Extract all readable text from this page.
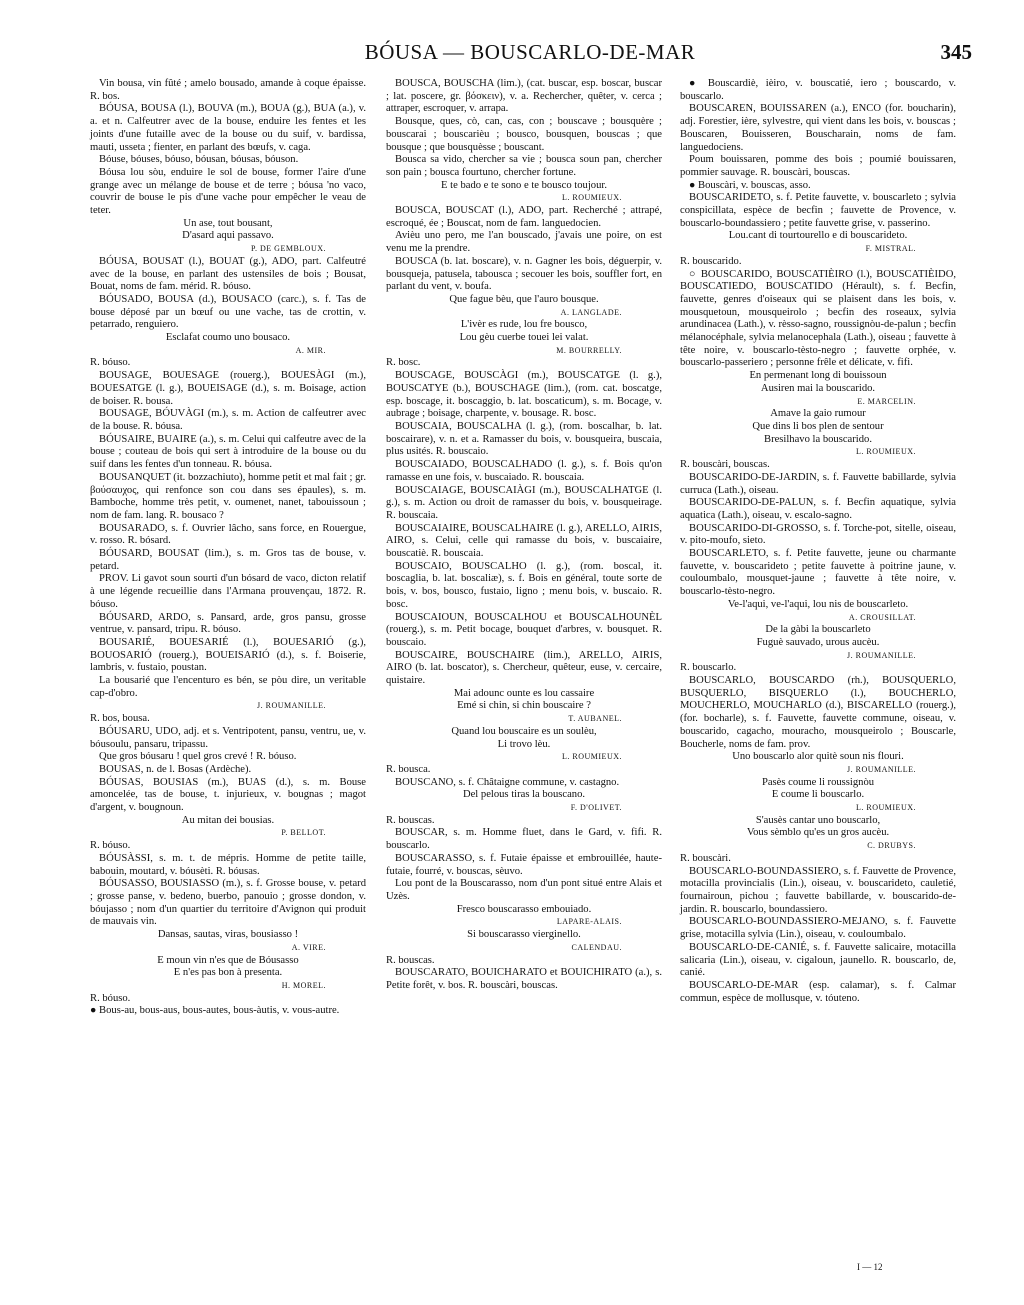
BÓUSA — BOUSCARLO-DE-MAR	345

Vin bousa, vin fûté ; amelo bousado, amande à coque épaisse. R. bos.

BÓUSA, BOUSA (l.), BOUVA (m.), BOUA (g.), BUA (a.), v. a. et n. Calfeutrer avec de la bouse, enduire les fentes et les joints d'une futaille avec de la bouse ou du suif, v. bardissa, mauti, usseta ; fienter, en parlant des bœufs, v. caga.

Bóuse, bóuses, bóuso, bóusan, bóusas, bóuson.

Bóusa lou sòu, enduire le sol de bouse, former l'aire d'une grange avec un mélange de bouse et de terre ; bóusa 'no vaco, couvrir de bouse le pis d'une vache pour empêcher le veau de teter.

Un ase, tout bousant,

D'asard aqui passavo.

P. DE GEMBLOUX.

BÓUSA, BOUSAT (l.), BOUAT (g.), ADO, part. Calfeutré avec de la bouse, en parlant des ustensiles de bois ; Bousat, Bouat, noms de fam. mérid. R. bóuso.

BÓUSADO, BOUSA (d.), BOUSACO (carc.), s. f. Tas de bouse déposé par un bœuf ou une vache, tas de crottin, v. petarrado, renguiero.

Esclafat coumo uno bousaco.

A. MIR.

R. bóuso.

BOUSAGE, BOUESAGE (rouerg.), BOUESÀGI (m.), BOUESATGE (l. g.), BOUEISAGE (d.), s. m. Boisage, action de boiser. R. bousa.

BOUSAGE, BÓUVÀGI (m.), s. m. Action de calfeutrer avec de la bouse. R. bóusa.

BÓUSAIRE, BUAIRE (a.), s. m. Celui qui calfeutre avec de la bouse ; couteau de bois qui sert à introduire de la bouse ou du suif dans les fentes d'un tonneau. R. bóusa.

BOUSANQUET (it. bozzachiuto), homme petit et mal fait ; gr. βούσαυχος, qui renfonce son cou dans ses épaules), s. m. Bamboche, homme très petit, v. oumenet, nanet, tabouissoun ; nom de fam. lang. R. bousaco ?

BOUSARADO, s. f. Ouvrier lâcho, sans force, en Rouergue, v. rosso. R. bósard.

BÓUSARD, BOUSAT (lim.), s. m. Gros tas de bouse, v. petard.

PROV. Li gavot soun sourti d'un bósard de vaco, dicton relatif à une légende recueillie dans l'Armana prouvençau, 1872. R. bóuso.

BÓUSARD, ARDO, s. Pansard, arde, gros pansu, grosse ventrue, v. pansard, tripu. R. bóuso.

BOUSARIÉ, BOUESARIÉ (l.), BOUESARIÓ (g.), BOUOSARIÓ (rouerg.), BOUEISARIÓ (d.), s. f. Boiserie, lambris, v. fustaio, poustan.

La bousarié que l'encenturo es bén, se pòu dire, un veritable cap-d'obro.

J. ROUMANILLE.

R. bos, bousa.

BÓUSARU, UDO, adj. et s. Ventripotent, pansu, ventru, ue, v. bóusoulu, pansaru, tripassu.

Que gros bóusaru ! quel gros crevé ! R. bóuso.

BOUSAS, n. de l. Bosas (Ardèche).

BÓUSAS, BOUSIAS (m.), BUAS (d.), s. m. Bouse amoncelée, tas de bouse, t. injurieux, v. bougnas ; magot d'argent, v. bougnoun.

Au mitan dei bousias.

P. BELLOT.

R. bóuso.

BÓUSÀSSI, s. m. t. de mépris. Homme de petite taille, babouin, moutard, v. bóusèti. R. bóusas.

BÓUSASSO, BOUSIASSO (m.), s. f. Grosse bouse, v. petard ; grosse panse, v. bedeno, buerbo, panouio ; grosse dondon, v. bóujasso ; nom d'un quartier du territoire d'Avignon qui produit de mauvais vin.

Dansas, sautas, viras, bousiasso !

A. VIRE.

E moun vin n'es que de Bóusasso

E n'es pas bon à presenta.

H. MOREL.

R. bóuso.

● Bous-au, bous-aus, bous-autes, bous-àutis, v. vous-autre.

BOUSCA, BOUSCHA (lim.), (cat. buscar, esp. boscar, buscar ; lat. poscere, gr. βόσκειν), v. a. Rechercher, quêter, v. cerca ; attraper, escroquer, v. arrapa.

Bousque, ques, cò, can, cas, con ; bouscave ; bousquère ; bouscarai ; bouscarièu ; bousco, bousquen, bouscas ; que bousque ; que bousquèsse ; bouscant.

Bousca sa vido, chercher sa vie ; bousca soun pan, chercher son pain ; bousca fourtuno, chercher fortune.

E te bado e te sono e te bousco toujour.

L. ROUMIEUX.

BOUSCA, BOUSCAT (l.), ADO, part. Recherché ; attrapé, escroqué, ée ; Bouscat, nom de fam. languedocien.

Avièu uno pero, me l'an bouscado, j'avais une poire, on est venu me la prendre.

BOUSCA (b. lat. boscare), v. n. Gagner les bois, déguerpir, v. bousqueja, patusela, tabousca ; secouer les bois, souffler fort, en parlant du vent, v. boufa.

Que fague bèu, que l'auro bousque.

A. LANGLADE.

L'ivèr es rude, lou fre bousco,

Lou gèu cuerbe touei lei valat.

M. BOURRELLY.

R. bosc.

BOUSCAGE, BOUSCÀGI (m.), BOUSCATGE (l. g.), BOUSCATYE (b.), BOUSCHAGE (lim.), (rom. cat. boscatge, esp. boscage, it. boscaggio, b. lat. boscaticum), s. m. Bocage, v. aubrage ; boisage, charpente, v. bousage. R. bosc.

BOUSCAIA, BOUSCALHA (l. g.), (rom. boscalhar, b. lat. boscairare), v. n. et a. Ramasser du bois, v. bousqueira, buscaia, plus usités. R. bouscaio.

BOUSCAIADO, BOUSCALHADO (l. g.), s. f. Bois qu'on ramasse en une fois, v. buscaiado. R. bouscaia.

BOUSCAIAGE, BOUSCAIÀGI (m.), BOUSCALHATGE (l. g.), s. m. Action ou droit de ramasser du bois, v. bousqueirage. R. bouscaia.

BOUSCAIAIRE, BOUSCALHAIRE (l. g.), ARELLO, AIRIS, AIRO, s. Celui, celle qui ramasse du bois, v. buscaiaire, bouscatiè. R. bouscaia.

BOUSCAIO, BOUSCALHO (l. g.), (rom. boscal, it. boscaglia, b. lat. boscaliæ), s. f. Bois en général, toute sorte de bois, v. bos, bousco, fustaio, ligno ; menu bois, v. buscaio. R. bosc.

BOUSCAIOUN, BOUSCALHOU et BOUSCALHOUNÈL (rouerg.), s. m. Petit bocage, bouquet d'arbres, v. bousquet. R. bouscaio.

BOUSCAIRE, BOUSCHAIRE (lim.), ARELLO, AIRIS, AIRO (b. lat. boscator), s. Chercheur, quêteur, euse, v. cercaire, quistaire.

Mai adounc ounte es lou cassaire

Emé si chin, si chin bouscaire ?

T. AUBANEL.

Quand lou bouscaire es un soulèu,

Li trovo lèu.

L. ROUMIEUX.

R. bousca.

BOUSCANO, s. f. Châtaigne commune, v. castagno.

Del pelous tiras la bouscano.

F. D'OLIVET.

R. bouscas.

BOUSCAR, s. m. Homme fluet, dans le Gard, v. fifi. R. bouscarlo.

BOUSCARASSO, s. f. Futaie épaisse et embrouillée, haute-futaie, fourré, v. bouscas, sèuvo.

Lou pont de la Bouscarasso, nom d'un pont situé entre Alais et Uzès.

Fresco bouscarasso embouiado.

LAPARE-ALAIS.

Si bouscarasso vierginello.

CALENDAU.

R. bouscas.

BOUSCARATO, BOUICHARATO et BOUICHIRATO (a.), s. Petite forêt, v. bos. R. bouscàri, bouscas.

● Bouscardiè, ièiro, v. bouscatié, iero ; bouscardo, v. bouscarlo.

BOUSCAREN, BOUISSAREN (a.), ENCO (for. boucharin), adj. Forestier, ière, sylvestre, qui vient dans les bois, v. bouscas ; Bouscaren, Bouisseren, Bouscharain, noms de fam. languedociens.

Poum bouissaren, pomme des bois ; poumié bouissaren, pommier sauvage. R. bouscàri, bouscas.

● Bouscàri, v. bouscas, asso.

BOUSCARIDETO, s. f. Petite fauvette, v. bouscarleto ; sylvia conspicillata, espèce de becfin ; fauvette de Provence, v. bouscarlo-boundassiero ; petite fauvette grise, v. passerino.

Lou.cant di tourtourello e di bouscarideto.

F. MISTRAL.

R. bouscarido.

○ BOUSCARIDO, BOUSCATIÈIRO (l.), BOUSCATIÈIDO, BOUSCATIEDO, BOUSCATIDO (Hérault), s. f. Becfin, fauvette, genres d'oiseaux qui se plaisent dans les bois, v. mousquetoun, mousqueirolo ; becfin des roseaux, sylvia arundinacea (Lath.), v. rèsso-sagno, roussignòu-de-palun ; becfin mélanocéphale, sylvia melanocephala (Lath.), oiseau ; fauvette à tête noire, v. bouscarlo-tèsto-negro ; fauvette orphée, v. bouscarlo-passeriero ; personne frêle et délicate, v. fifi.

En permenant long di bouissoun

Ausiren mai la bouscarido.

E. MARCELIN.

Amave la gaio rumour

Que dins li bos plen de sentour

Bresilhavo la bouscarido.

L. ROUMIEUX.

R. bouscàri, bouscas.

BOUSCARIDO-DE-JARDIN, s. f. Fauvette babillarde, sylvia curruca (Lath.), oiseau.

BOUSCARIDO-DE-PALUN, s. f. Becfin aquatique, sylvia aquatica (Lath.), oiseau, v. escalo-sagno.

BOUSCARIDO-DI-GROSSO, s. f. Torche-pot, sitelle, oiseau, v. pito-moufo, sieto.

BOUSCARLETO, s. f. Petite fauvette, jeune ou charmante fauvette, v. bouscarideto ; petite fauvette à poitrine jaune, v. couloumbalo, mousquet-jaune ; fauvette à tête noire, v. bouscarlo-tèsto-negro.

Ve-l'aqui, ve-l'aqui, lou nis de bouscarleto.

A. CROUSILLAT.

De la gàbi la bouscarleto

Fuguè sauvado, urous aucèu.

J. ROUMANILLE.

R. bouscarlo.

BOUSCARLO, BOUSCARDO (rh.), BOUSQUERLO, BUSQUERLO, BISQUERLO (l.), BOUCHERLO, MOUCHERLO, MOUCHARLO (d.), BISCARELLO (rouerg.), (for. bocharle), s. f. Fauvette, fauvette commune, oiseau, v. bouscarido, cagacho, mouracho, mousqueirolo ; Bouscarle, Boucherle, noms de fam. prov.

Uno bouscarlo alor quitè soun nis flouri.

J. ROUMANILLE.

Pasès coume li roussignòu

E coume li bouscarlo.

L. ROUMIEUX.

S'ausès cantar uno bouscarlo,

Vous sèmblo qu'es un gros aucèu.

C. DRUBYS.

R. bouscàri.

BOUSCARLO-BOUNDASSIERO, s. f. Fauvette de Provence, motacilla provincialis (Lin.), oiseau, v. bouscarideto, cauletié, fournairoun, pichou ; fauvette babillarde, v. bouscarido-de-jardin. R. bouscarlo, boundassiero.

BOUSCARLO-BOUNDASSIERO-MEJANO, s. f. Fauvette grise, motacilla sylvia (Lin.), oiseau, v. couloumbalo.

BOUSCARLO-DE-CANIÉ, s. f. Fauvette salicaire, motacilla salicaria (Lin.), oiseau, v. cigaloun, jaunello. R. bouscarlo, de, canié.

BOUSCARLO-DE-MAR (esp. calamar), s. f. Calmar commun, espèce de mollusque, v. tóuteno.

I — 12
